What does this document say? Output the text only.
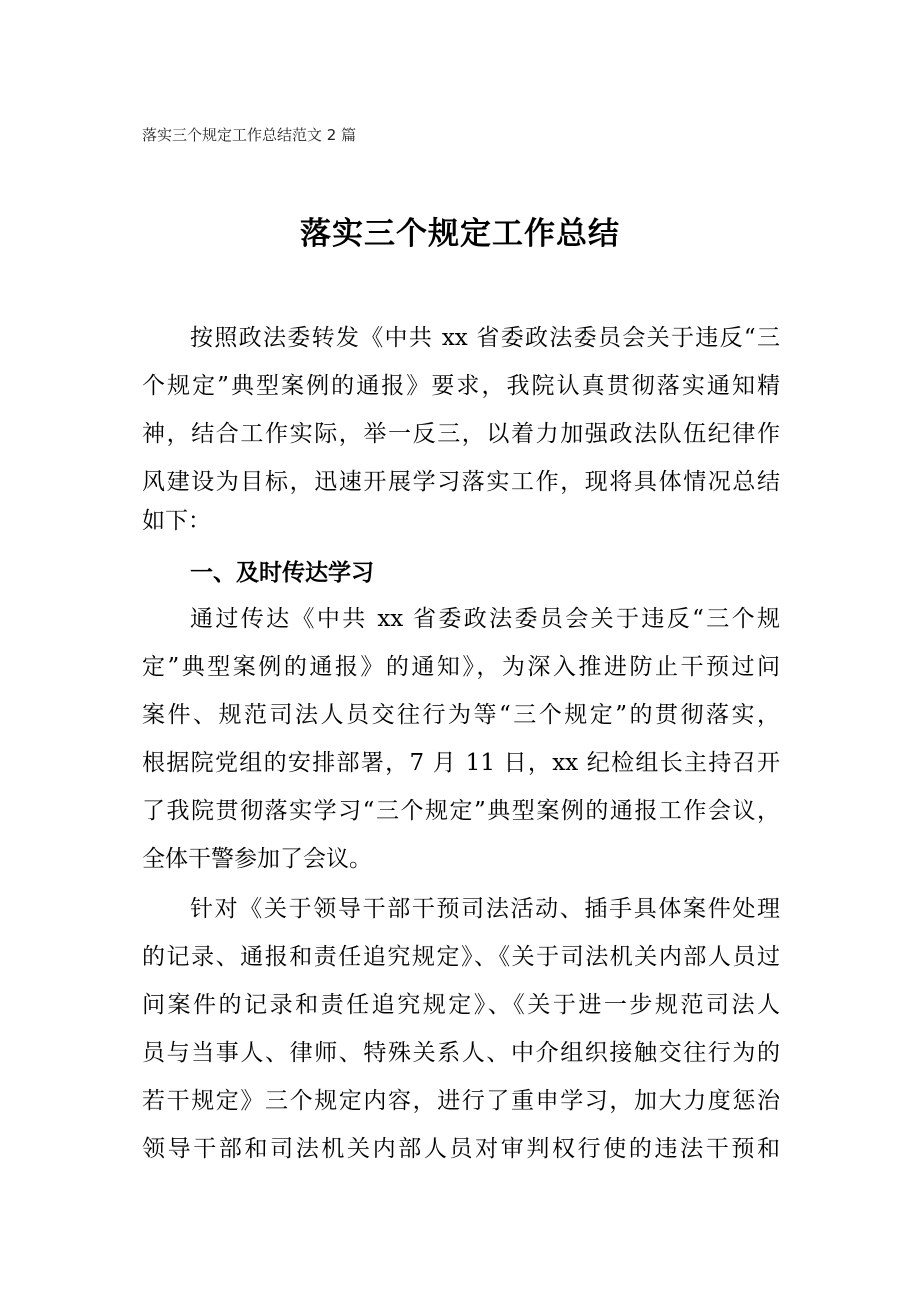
落实三个规定工作总结范文 2 篇
落实三个规定工作总结
按照政法委转发《中共 xx 省委政法委员会关于违反“三
个规定”典型案例的通报》要求，我院认真贯彻落实通知精
神，结合工作实际，举一反三，以着力加强政法队伍纪律作
风建设为目标，迅速开展学习落实工作，现将具体情况总结
如下：
一、及时传达学习
通过传达《中共 xx 省委政法委员会关于违反“三个规
定”典型案例的通报》的通知》，为深入推进防止干预过问
案件、规范司法人员交往行为等“三个规定”的贯彻落实，
根据院党组的安排部署，7 月 11 日，xx 纪检组长主持召开
了我院贯彻落实学习“三个规定”典型案例的通报工作会议，
全体干警参加了会议。
针对《关于领导干部干预司法活动、插手具体案件处理
的记录、通报和责任追究规定》、《关于司法机关内部人员过
问案件的记录和责任追究规定》、《关于进一步规范司法人
员与当事人、律师、特殊关系人、中介组织接触交往行为的
若干规定》三个规定内容，进行了重申学习，加大力度惩治
领导干部和司法机关内部人员对审判权行使的违法干预和
